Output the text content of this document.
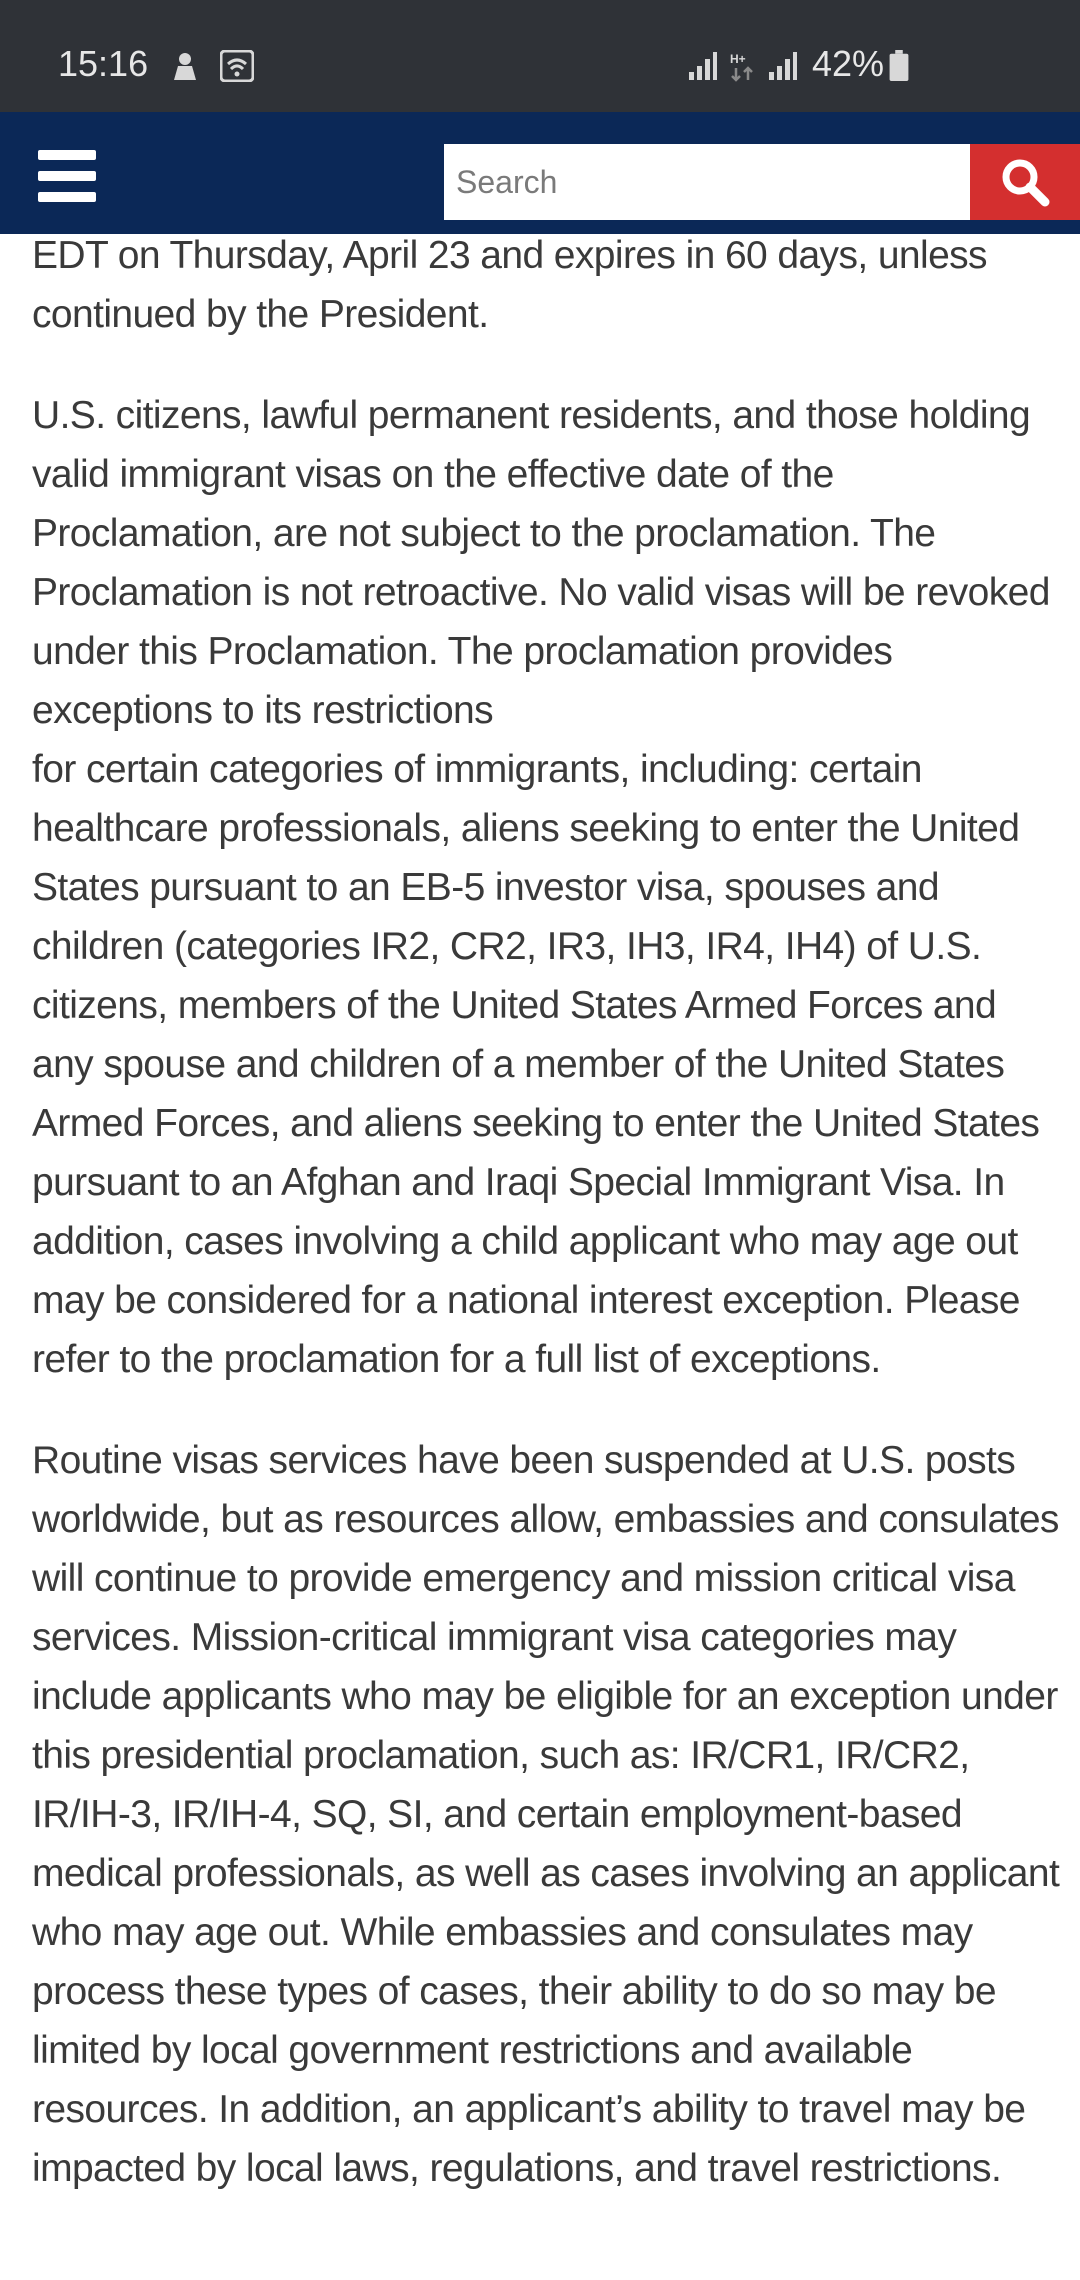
15:16	H+ 42%
Search

EDT on Thursday, April 23 and expires in 60 days, unless continued by the President.

U.S. citizens, lawful permanent residents, and those holding valid immigrant visas on the effective date of the Proclamation, are not subject to the proclamation. The Proclamation is not retroactive. No valid visas will be revoked under this Proclamation. The proclamation provides exceptions to its restrictions
for certain categories of immigrants, including: certain healthcare professionals, aliens seeking to enter the United States pursuant to an EB-5 investor visa, spouses and children (categories IR2, CR2, IR3, IH3, IR4, IH4) of U.S. citizens, members of the United States Armed Forces and any spouse and children of a member of the United States Armed Forces, and aliens seeking to enter the United States pursuant to an Afghan and Iraqi Special Immigrant Visa. In addition, cases involving a child applicant who may age out may be considered for a national interest exception. Please refer to the proclamation for a full list of exceptions.

Routine visas services have been suspended at U.S. posts worldwide, but as resources allow, embassies and consulates will continue to provide emergency and mission critical visa services. Mission-critical immigrant visa categories may include applicants who may be eligible for an exception under this presidential proclamation, such as: IR/CR1, IR/CR2, IR/IH-3, IR/IH-4, SQ, SI, and certain employment-based medical professionals, as well as cases involving an applicant who may age out. While embassies and consulates may process these types of cases, their ability to do so may be limited by local government restrictions and available resources. In addition, an applicant’s ability to travel may be impacted by local laws, regulations, and travel restrictions.
